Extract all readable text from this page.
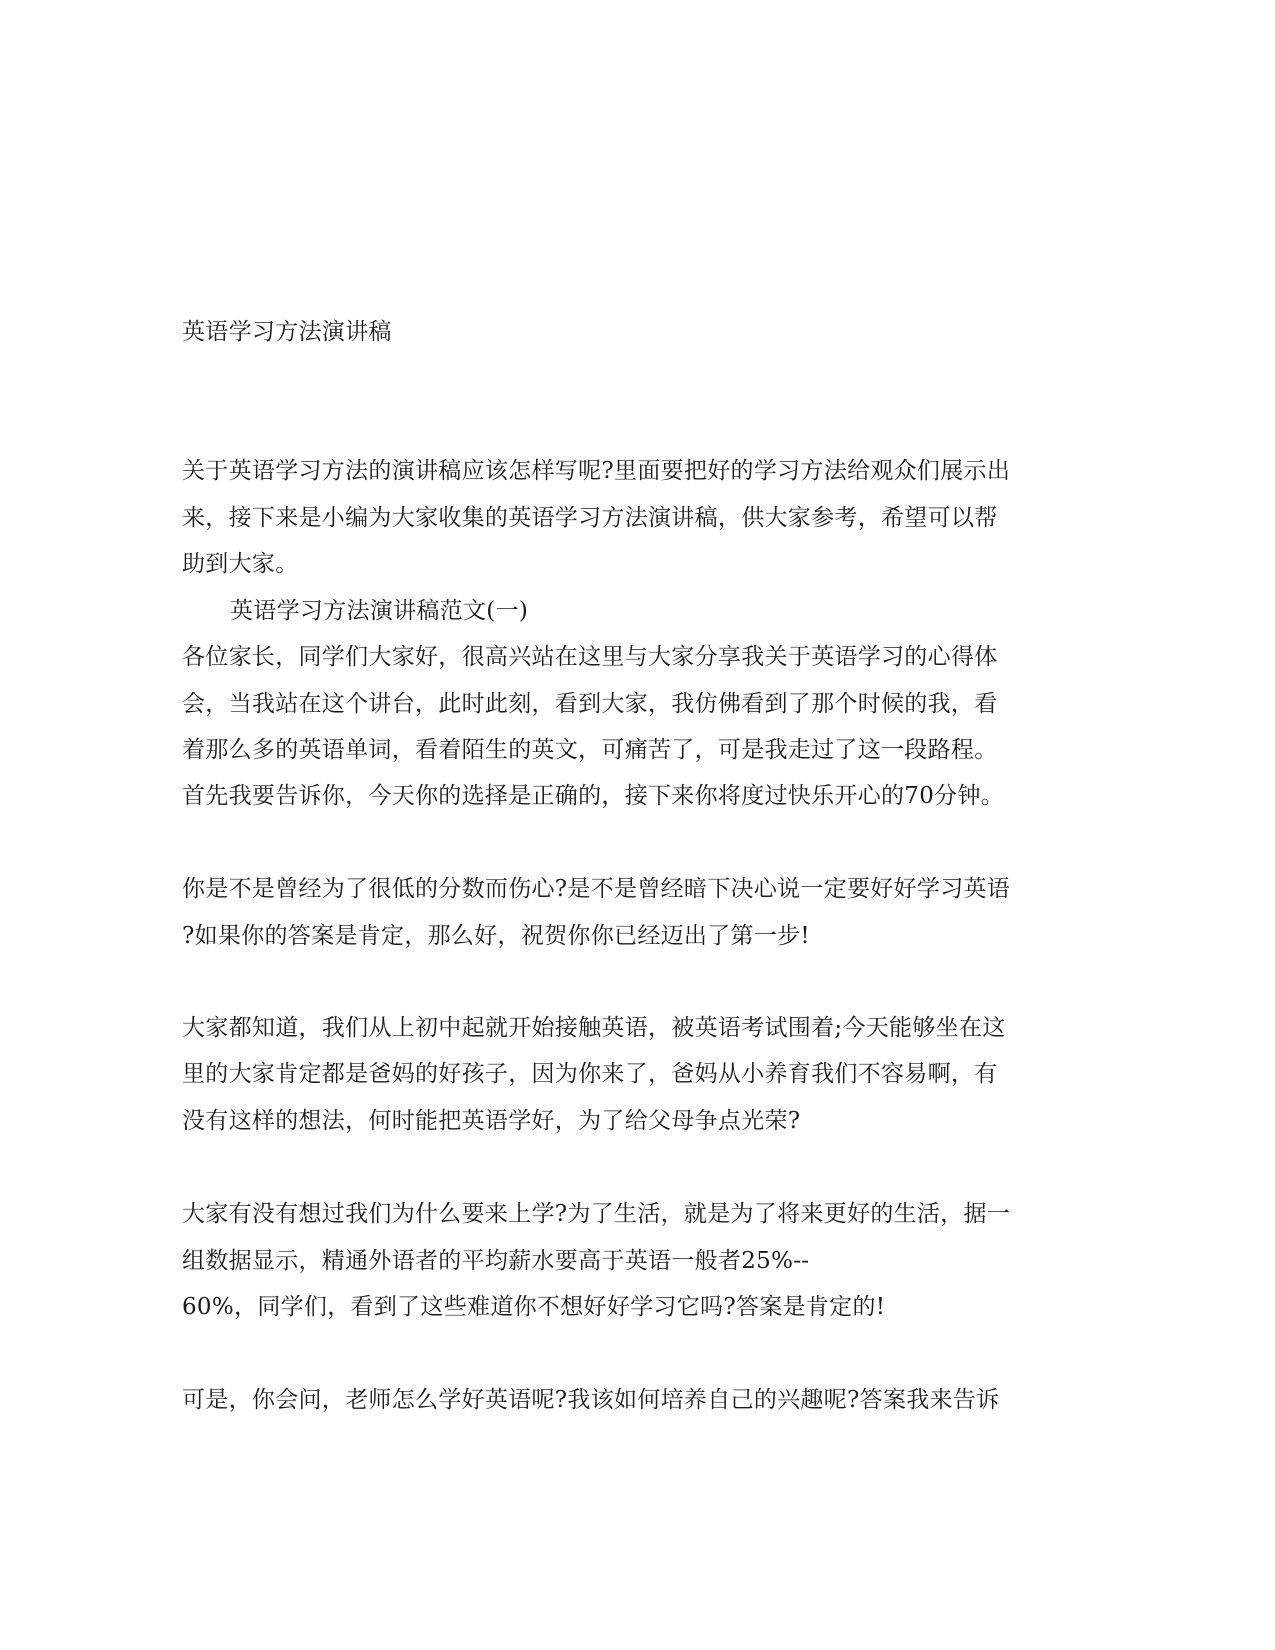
英语学习方法演讲稿
关于英语学习方法的演讲稿应该怎样写呢?里面要把好的学习方法给观众们展示出
来，接下来是小编为大家收集的英语学习方法演讲稿，供大家参考，希望可以帮
助到大家。
英语学习方法演讲稿范文(一)
各位家长，同学们大家好，很高兴站在这里与大家分享我关于英语学习的心得体
会，当我站在这个讲台，此时此刻，看到大家，我仿佛看到了那个时候的我，看
着那么多的英语单词，看着陌生的英文，可痛苦了，可是我走过了这一段路程。
首先我要告诉你，今天你的选择是正确的，接下来你将度过快乐开心的70分钟。
你是不是曾经为了很低的分数而伤心?是不是曾经暗下决心说一定要好好学习英语
?如果你的答案是肯定，那么好，祝贺你你已经迈出了第一步!
大家都知道，我们从上初中起就开始接触英语，被英语考试围着;今天能够坐在这
里的大家肯定都是爸妈的好孩子，因为你来了，爸妈从小养育我们不容易啊，有
没有这样的想法，何时能把英语学好，为了给父母争点光荣?
大家有没有想过我们为什么要来上学?为了生活，就是为了将来更好的生活，据一
组数据显示，精通外语者的平均薪水要高于英语一般者25%--
60%，同学们，看到了这些难道你不想好好学习它吗?答案是肯定的!
可是，你会问，老师怎么学好英语呢?我该如何培养自己的兴趣呢?答案我来告诉
